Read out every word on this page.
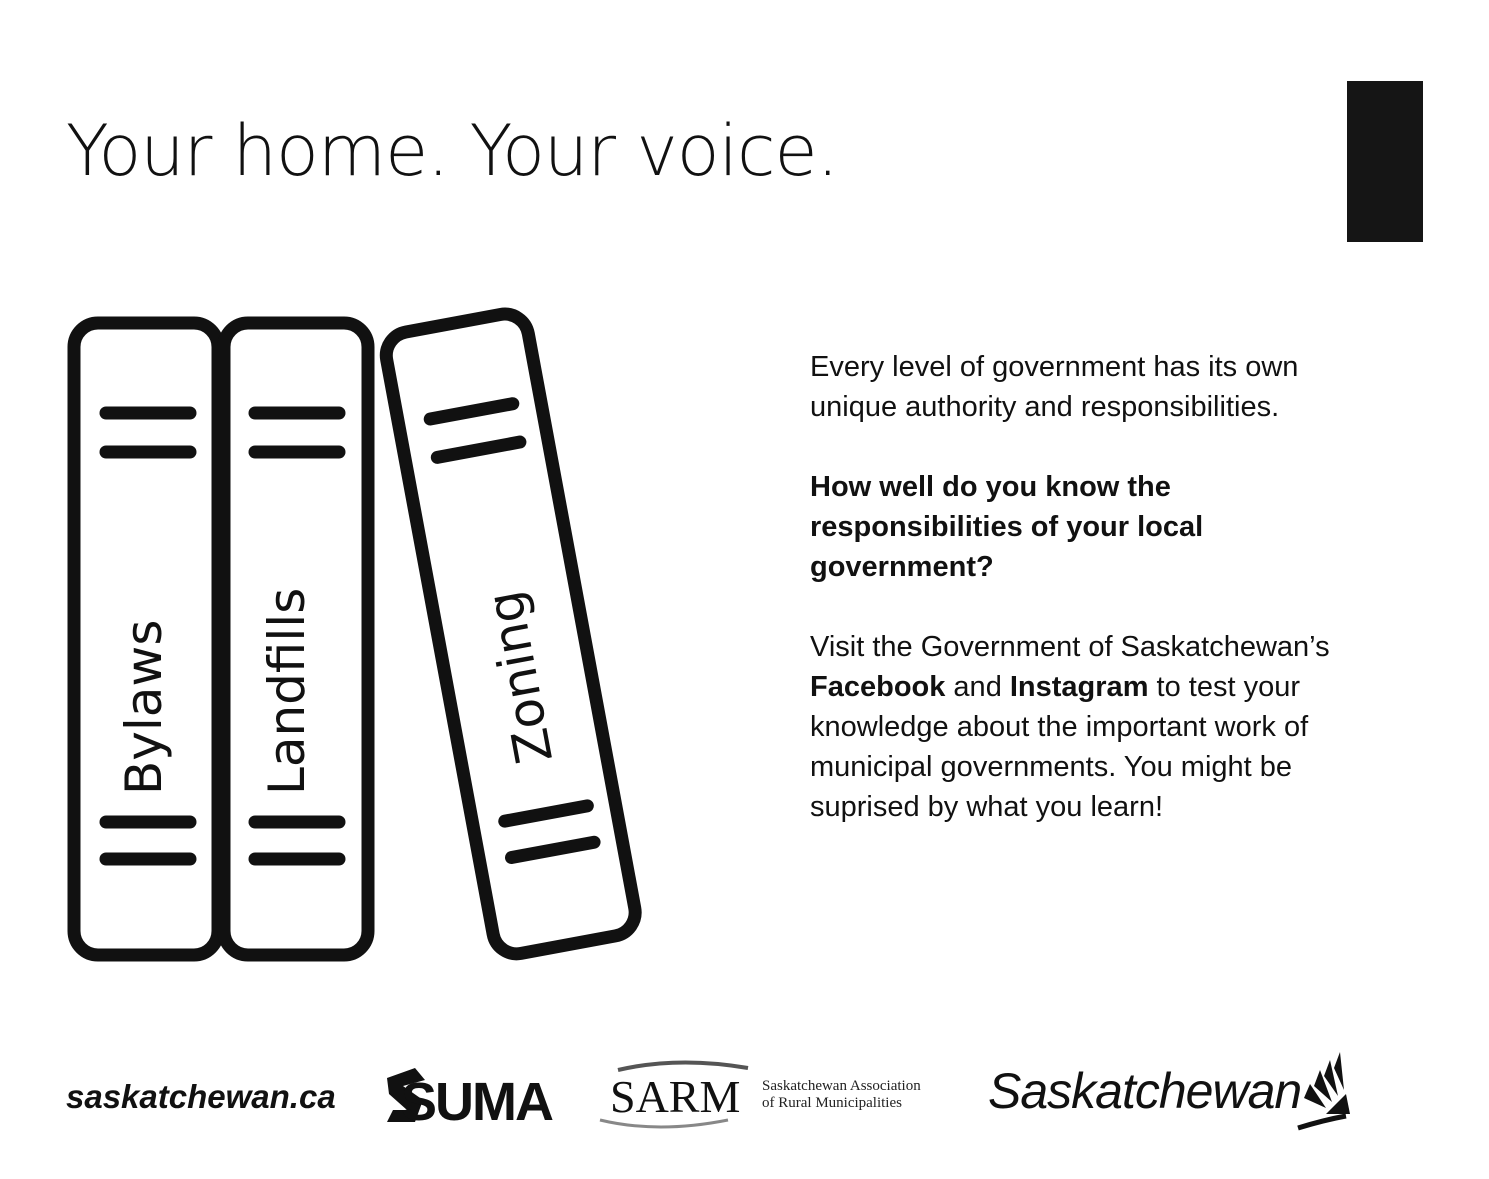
Your home. Your voice.
Bylaws Landfills	Zoning

Every level of government has its own unique authority and responsibilities.

How well do you know the responsibilities of your local government?

Visit the Government of Saskatchewan’s Facebook and Instagram to test your knowledge about the important work of municipal governments. You might be suprised by what you learn!

saskatchewan.ca SUMA SARM Saskatchewan Association
of Rural Municipalities	Saskatchewan
